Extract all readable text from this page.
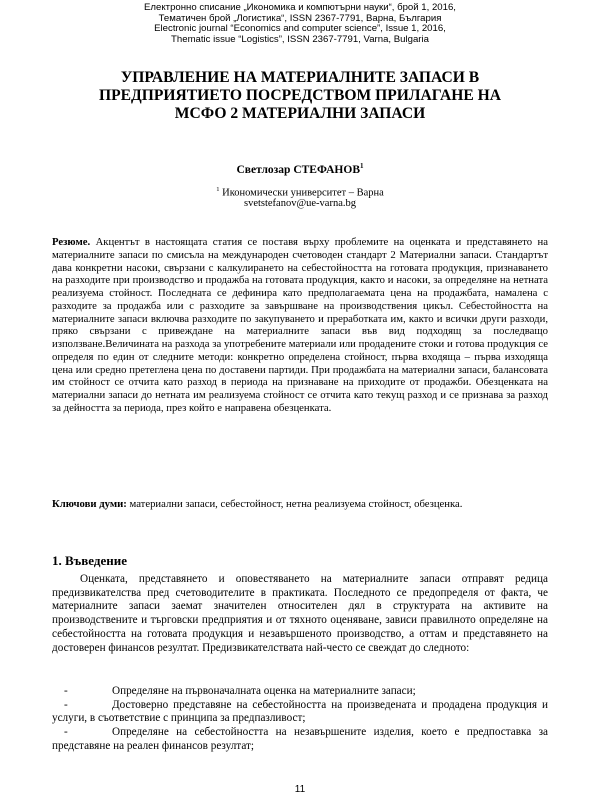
Електронно списание „Икономика и компютърни науки“, брой 1, 2016,
Тематичен брой „Логистика“, ISSN 2367-7791, Варна, България
Electronic journal “Economics and computer science”, Issue 1, 2016,
Thematic issue “Logistics”, ISSN 2367-7791, Varna, Bulgaria
УПРАВЛЕНИЕ НА МАТЕРИАЛНИТЕ ЗАПАСИ В
ПРЕДПРИЯТИЕТО ПОСРЕДСТВОМ ПРИЛАГАНЕ НА
МСФО 2 МАТЕРИАЛНИ ЗАПАСИ
Светлозар СТЕФАНОВ$^1$
$^1$ Икономически университет – Варна
svetstefanov@ue-varna.bg

Резюме. Акцентът в настоящата статия се поставя върху проблемите на оценката и представянето на материалните запаси по смисъла на международен счетоводен стандарт 2 Материални запаси. Стандартът дава конкретни насоки, свързани с калкулирането на себестойността на готовата продукция, признаването на разходите при производство и продажба на готовата продукция, както и насоки, за определяне на нетната реализуема стойност. Последната се дефинира като предполагаемата цена на продажбата, намалена с разходите за продажба или с разходите за завършване на производствения цикъл. Себестойността на материалните запаси включва разходите по закупуването и преработката им, както и всички други разходи, пряко свързани с привеждане на материалните запаси във вид подходящ за последващо използване.Величината на разхода за употребените материали или продадените стоки и готова продукция се определя по един от следните методи: конкретно определена стойност, първа входяща – първа изходяща цена или средно претеглена цена по доставени партиди. При продажбата на материални запаси, балансовата им стойност се отчита като разход в периода на признаване на приходите от продажби. Обезценката на материални запаси до нетната им реализуема стойност се отчита като текущ разход и се признава за разход за дейността за периода, през който е направена обезценката.

Ключови думи: материални запаси, себестойност, нетна реализуема стойност, обезценка.

1. Въведение

Оценката, представянето и оповестяването на материалните запаси отправят редица предизвикателства пред счетоводителите в практиката. Последното се предопределя от факта, че материалните запаси заемат значителен относителен дял в структурата на активите на производствените и търговски предприятия и от тяхното оценяване, зависи правилното определяне на себестойността на готовата продукция и незавършеното производство, а оттам и представянето на достоверен финансов резултат. Предизвикателствата най-често се свеждат до следното:

-	Определяне на първоначалната оценка на материалните запаси;
-	Достоверно представяне на себестойността на произведената и продадена продукция и услуги, в съответствие с принципа за предпазливост;
-	Определяне на себестойността на незавършените изделия, което е предпоставка за представяне на реален финансов резултат;
11
